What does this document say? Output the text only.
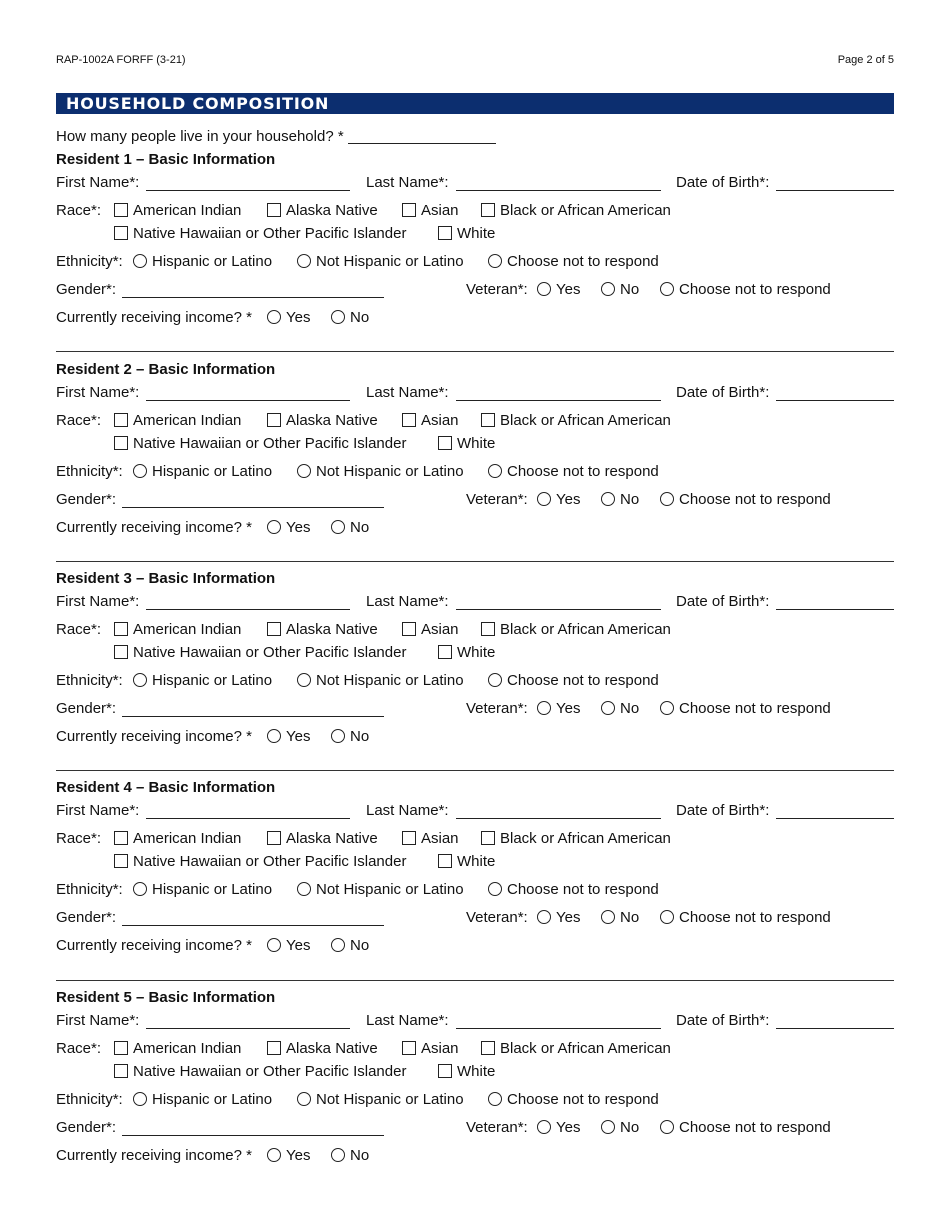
RAP-1002A FORFF (3-21)	Page 2 of 5
HOUSEHOLD COMPOSITION
How many people live in your household? *
Resident 1 – Basic Information
First Name*:	Last Name*:	Date of Birth*:
Race*:	American Indian	Alaska Native	Asian	Black or African American
Native Hawaiian or Other Pacific Islander	White
Ethnicity*:	Hispanic or Latino	Not Hispanic or Latino	Choose not to respond
Gender*:	Veteran*:	Yes	No	Choose not to respond
Currently receiving income? *	Yes	No
Resident 2 – Basic Information
First Name*:	Last Name*:	Date of Birth*:
Race*:	American Indian	Alaska Native	Asian	Black or African American
Native Hawaiian or Other Pacific Islander	White
Ethnicity*:	Hispanic or Latino	Not Hispanic or Latino	Choose not to respond
Gender*:	Veteran*:	Yes	No	Choose not to respond
Currently receiving income? *	Yes	No
Resident 3 – Basic Information
First Name*:	Last Name*:	Date of Birth*:
Race*:	American Indian	Alaska Native	Asian	Black or African American
Native Hawaiian or Other Pacific Islander	White
Ethnicity*:	Hispanic or Latino	Not Hispanic or Latino	Choose not to respond
Gender*:	Veteran*:	Yes	No	Choose not to respond
Currently receiving income? *	Yes	No
Resident 4 – Basic Information
First Name*:	Last Name*:	Date of Birth*:
Race*:	American Indian	Alaska Native	Asian	Black or African American
Native Hawaiian or Other Pacific Islander	White
Ethnicity*:	Hispanic or Latino	Not Hispanic or Latino	Choose not to respond
Gender*:	Veteran*:	Yes	No	Choose not to respond
Currently receiving income? *	Yes	No
Resident 5 – Basic Information
First Name*:	Last Name*:	Date of Birth*:
Race*:	American Indian	Alaska Native	Asian	Black or African American
Native Hawaiian or Other Pacific Islander	White
Ethnicity*:	Hispanic or Latino	Not Hispanic or Latino	Choose not to respond
Gender*:	Veteran*:	Yes	No	Choose not to respond
Currently receiving income? *	Yes	No
